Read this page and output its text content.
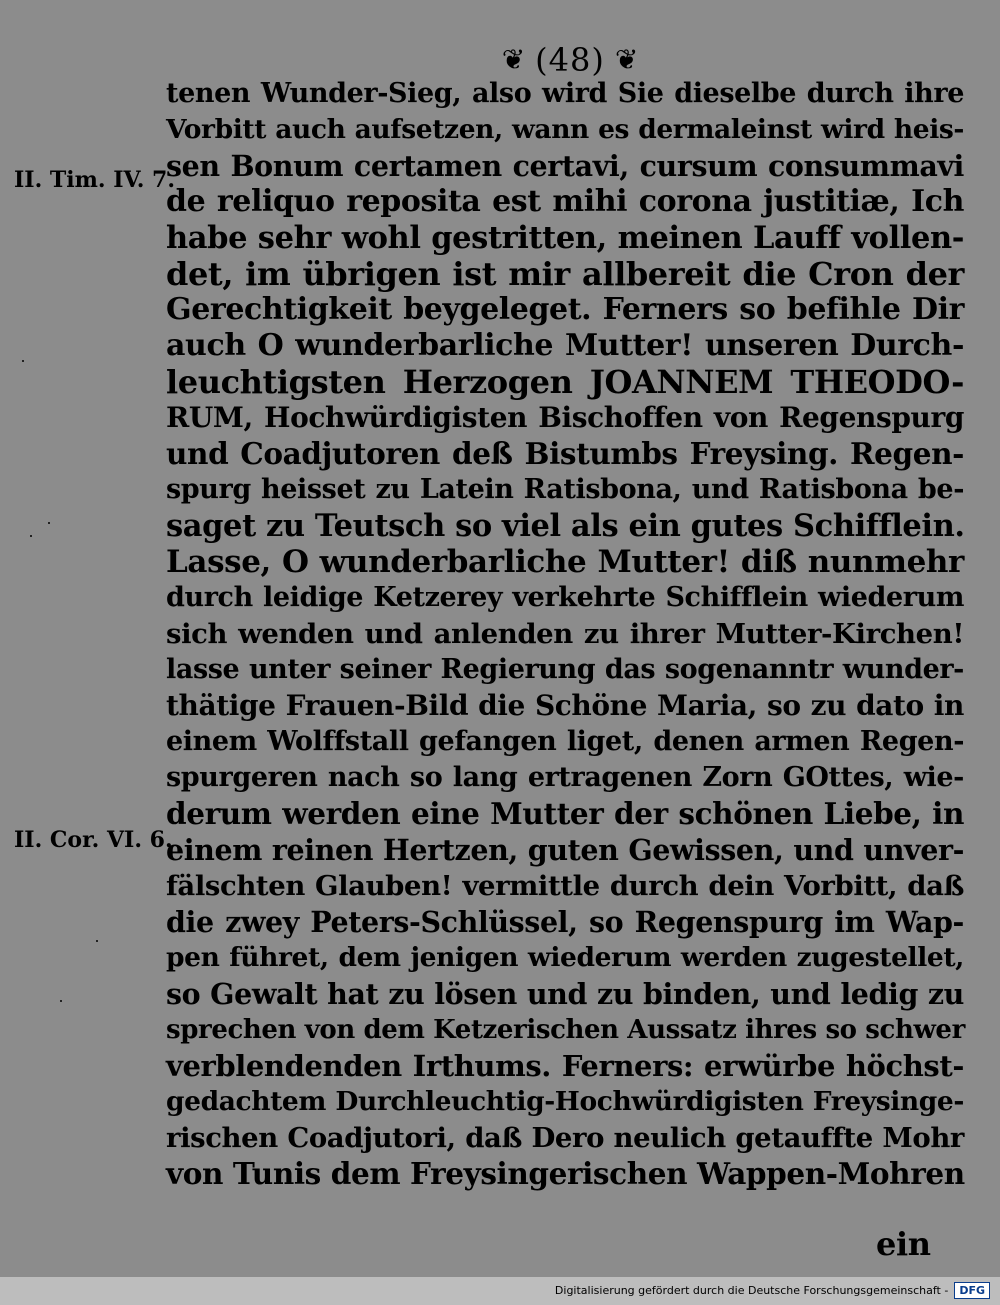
❦ (48) ❦
II. Tim. IV. 7.
II. Cor. VI. 6.
tenen Wunder-Sieg, also wird Sie dieselbe durch ihre
Vorbitt auch aufsetzen, wann es dermaleinst wird heis-
sen Bonum certamen certavi, cursum consummavi
de reliquo reposita est mihi corona justitiæ, Ich
habe sehr wohl gestritten, meinen Lauff vollen-
det, im übrigen ist mir allbereit die Cron der
Gerechtigkeit beygeleget. Ferners so befihle Dir
auch O wunderbarliche Mutter! unseren Durch-
leuchtigsten Herzogen JOANNEM THEODO-
RUM, Hochwürdigisten Bischoffen von Regenspurg
und Coadjutoren deß Bistumbs Freysing. Regen-
spurg heisset zu Latein Ratisbona, und Ratisbona be-
saget zu Teutsch so viel als ein gutes Schifflein.
Lasse, O wunderbarliche Mutter! diß nunmehr
durch leidige Ketzerey verkehrte Schifflein wiederum
sich wenden und anlenden zu ihrer Mutter-Kirchen!
lasse unter seiner Regierung das sogenanntr wunder-
thätige Frauen-Bild die Schöne Maria, so zu dato in
einem Wolffstall gefangen liget, denen armen Regen-
spurgeren nach so lang ertragenen Zorn GOttes, wie-
derum werden eine Mutter der schönen Liebe, in
einem reinen Hertzen, guten Gewissen, und unver-
fälschten Glauben! vermittle durch dein Vorbitt, daß
die zwey Peters-Schlüssel, so Regenspurg im Wap-
pen führet, dem jenigen wiederum werden zugestellet,
so Gewalt hat zu lösen und zu binden, und ledig zu
sprechen von dem Ketzerischen Aussatz ihres so schwer
verblendenden Irthums. Ferners: erwürbe höchst-
gedachtem Durchleuchtig-Hochwürdigisten Freysinge-
rischen Coadjutori, daß Dero neulich getauffte Mohr
von Tunis dem Freysingerischen Wappen-Mohren
ein
Digitalisierung gefördert durch die Deutsche Forschungsgemeinschaft -	DFG
